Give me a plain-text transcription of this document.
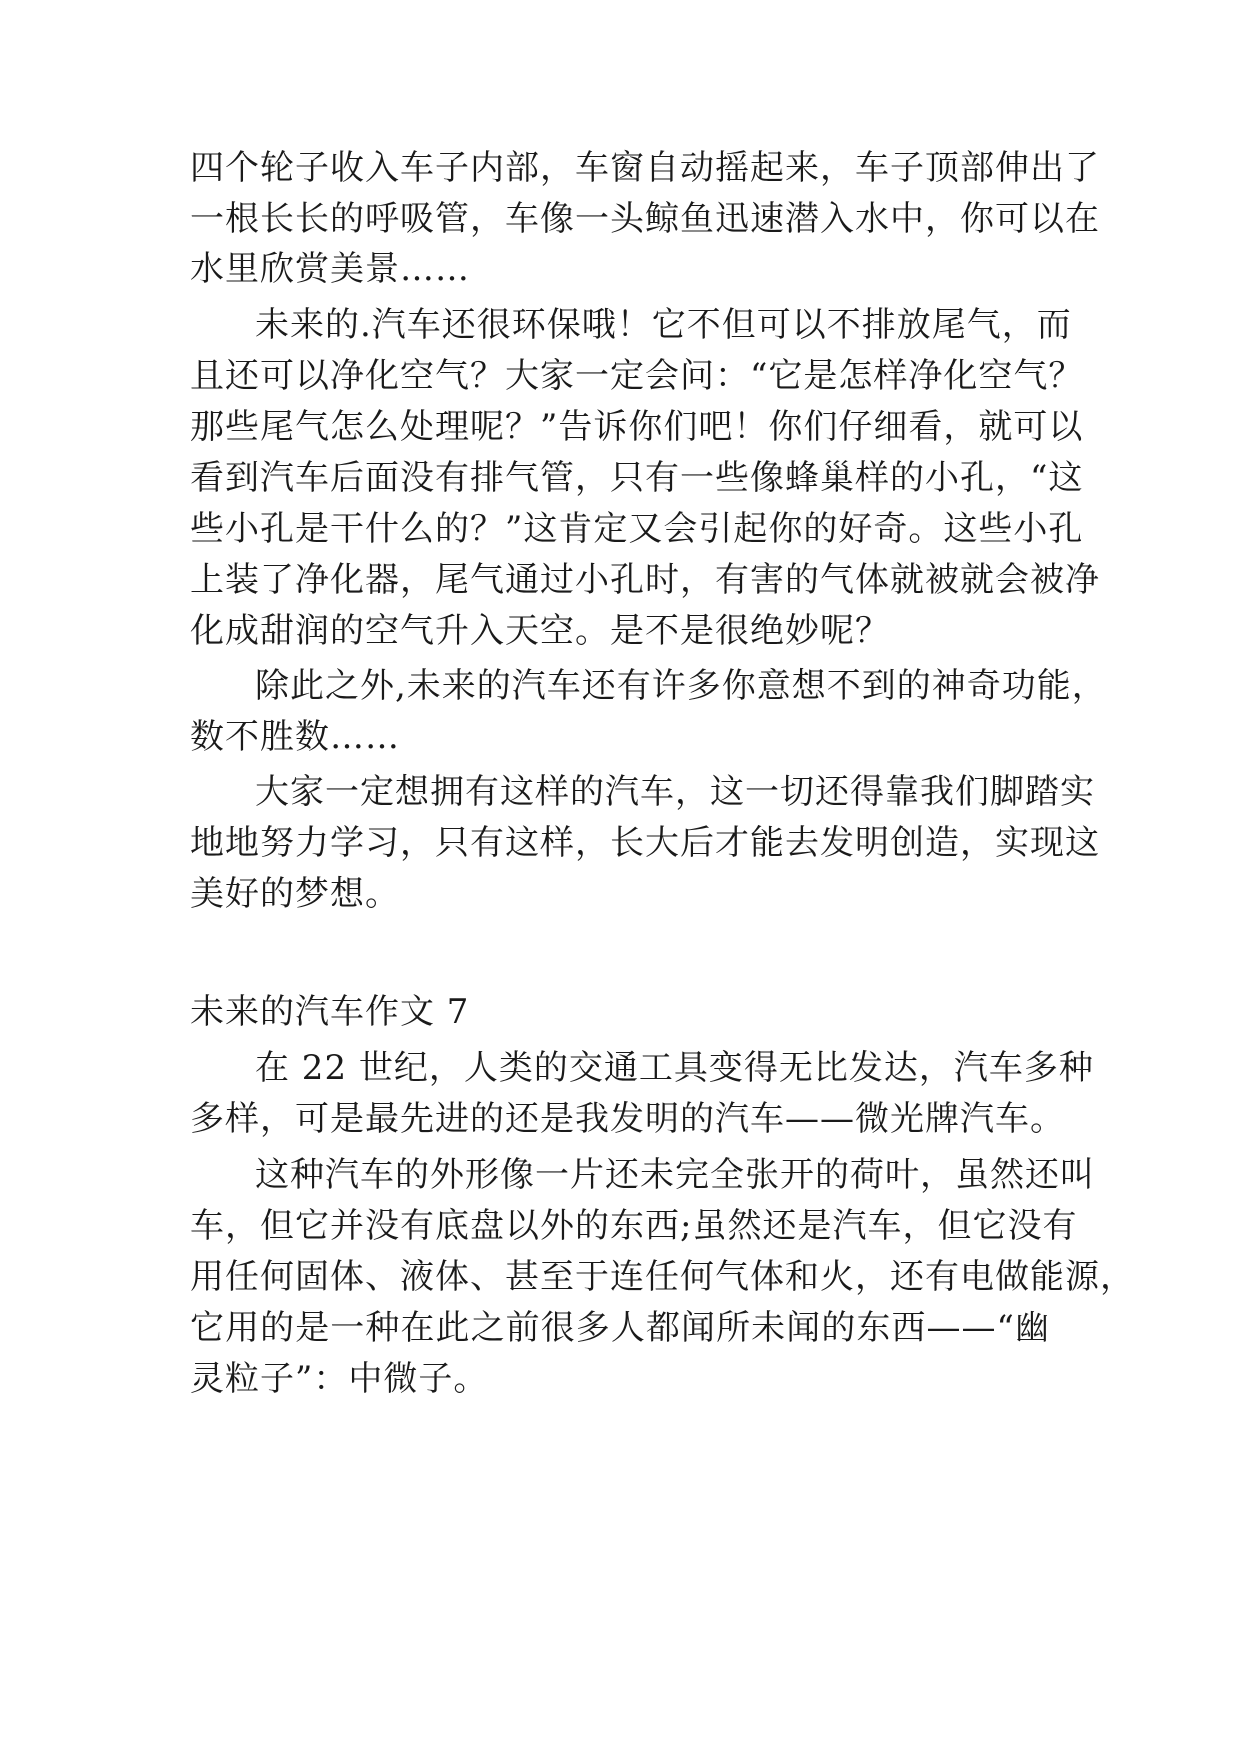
四个轮子收入车子内部，车窗自动摇起来，车子顶部伸出了
一根长长的呼吸管，车像一头鲸鱼迅速潜入水中，你可以在
水里欣赏美景……
未来的.汽车还很环保哦！它不但可以不排放尾气，而
且还可以净化空气？大家一定会问：“它是怎样净化空气？
那些尾气怎么处理呢？”告诉你们吧！你们仔细看，就可以
看到汽车后面没有排气管，只有一些像蜂巢样的小孔，“这
些小孔是干什么的？”这肯定又会引起你的好奇。这些小孔
上装了净化器，尾气通过小孔时，有害的气体就被就会被净
化成甜润的空气升入天空。是不是很绝妙呢？
除此之外,未来的汽车还有许多你意想不到的神奇功能，
数不胜数……
大家一定想拥有这样的汽车，这一切还得靠我们脚踏实
地地努力学习，只有这样，长大后才能去发明创造，实现这
美好的梦想。
未来的汽车作文 7
在 22 世纪，人类的交通工具变得无比发达，汽车多种
多样，可是最先进的还是我发明的汽车——微光牌汽车。
这种汽车的外形像一片还未完全张开的荷叶，虽然还叫
车，但它并没有底盘以外的东西;虽然还是汽车，但它没有
用任何固体、液体、甚至于连任何气体和火，还有电做能源，
它用的是一种在此之前很多人都闻所未闻的东西——“幽
灵粒子”：中微子。
